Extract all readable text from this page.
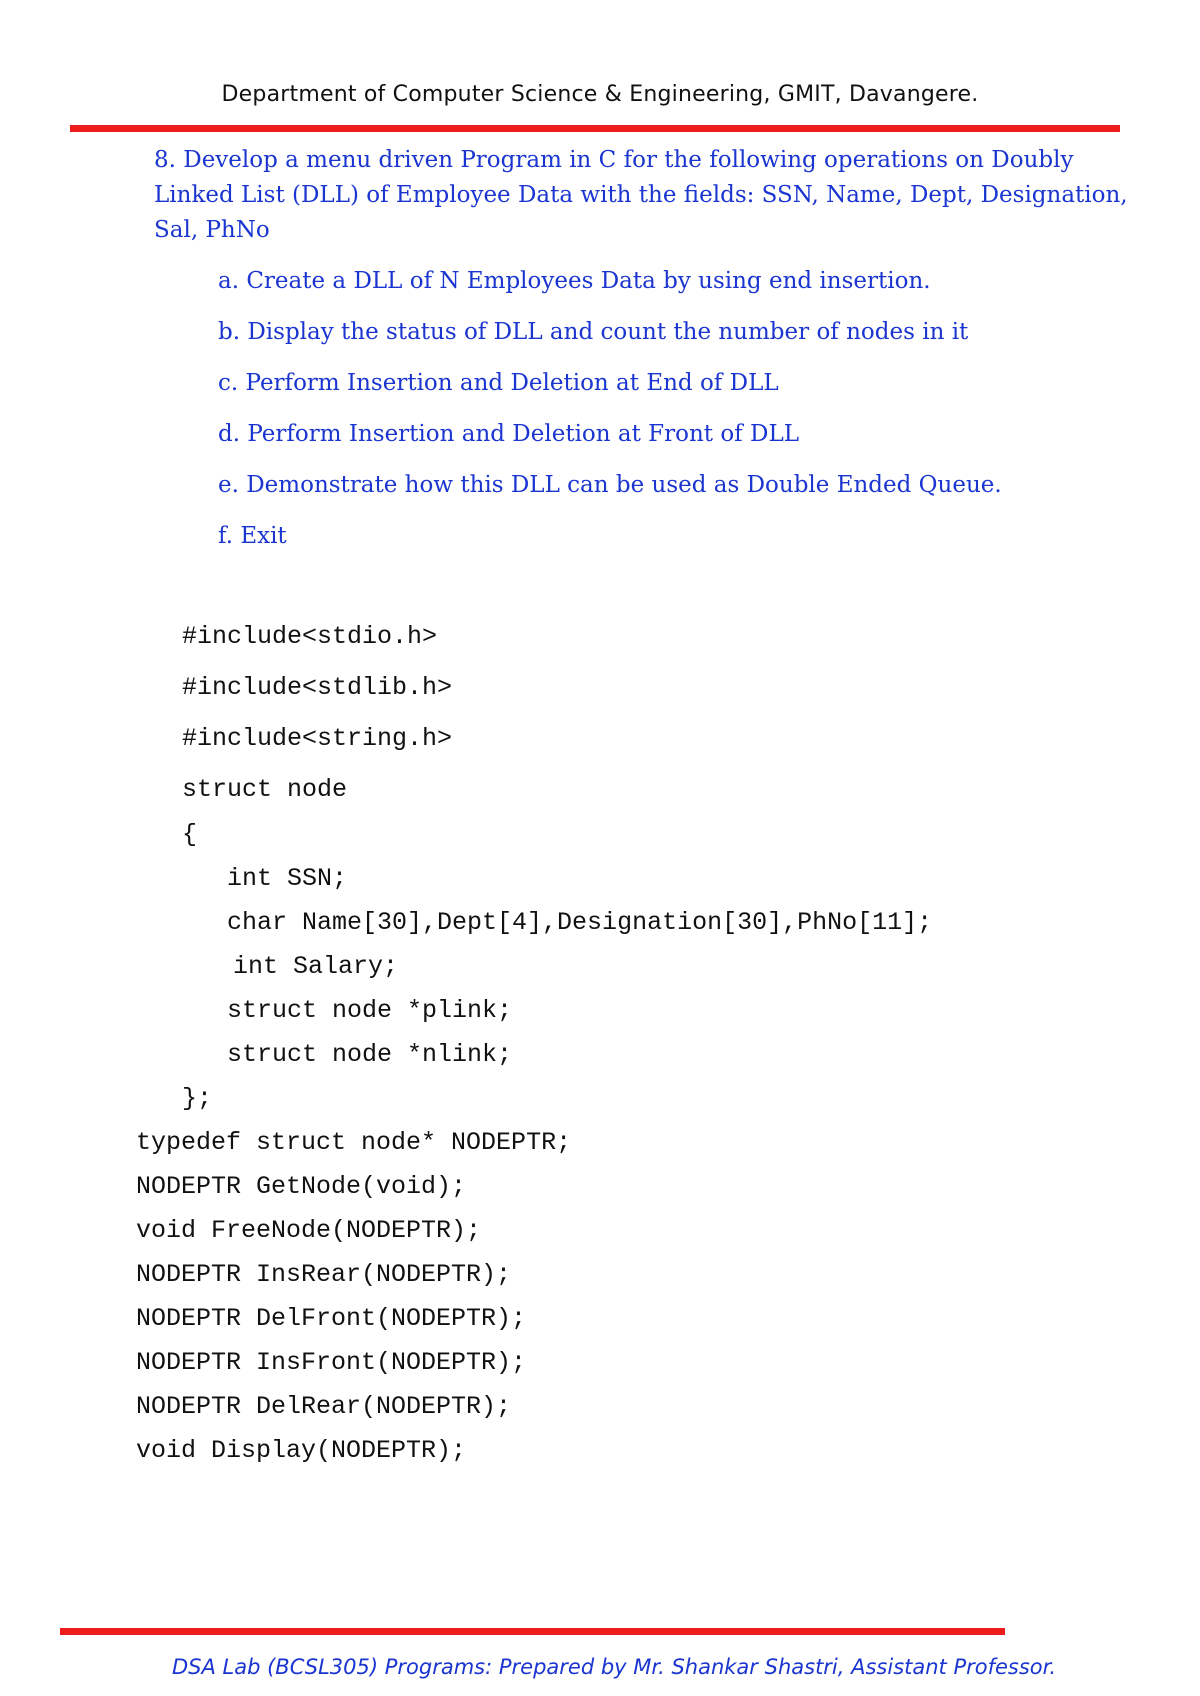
Department of Computer Science & Engineering, GMIT, Davangere.
8. Develop a menu driven Program in C for the following operations on Doubly Linked List (DLL) of Employee Data with the fields: SSN, Name, Dept, Designation, Sal, PhNo
a. Create a DLL of N Employees Data by using end insertion.
b. Display the status of DLL and count the number of nodes in it
c. Perform Insertion and Deletion at End of DLL
d. Perform Insertion and Deletion at Front of DLL
e. Demonstrate how this DLL can be used as Double Ended Queue.
f. Exit

#include<stdio.h>

#include<stdlib.h>

#include<string.h>

struct node

{

int SSN;

char Name[30],Dept[4],Designation[30],PhNo[11];

int Salary;

struct node *plink;

struct node *nlink;

};

typedef struct node* NODEPTR;

NODEPTR GetNode(void);

void FreeNode(NODEPTR);

NODEPTR InsRear(NODEPTR);

NODEPTR DelFront(NODEPTR);

NODEPTR InsFront(NODEPTR);

NODEPTR DelRear(NODEPTR);

void Display(NODEPTR);

DSA Lab (BCSL305) Programs: Prepared by Mr. Shankar Shastri, Assistant Professor.
